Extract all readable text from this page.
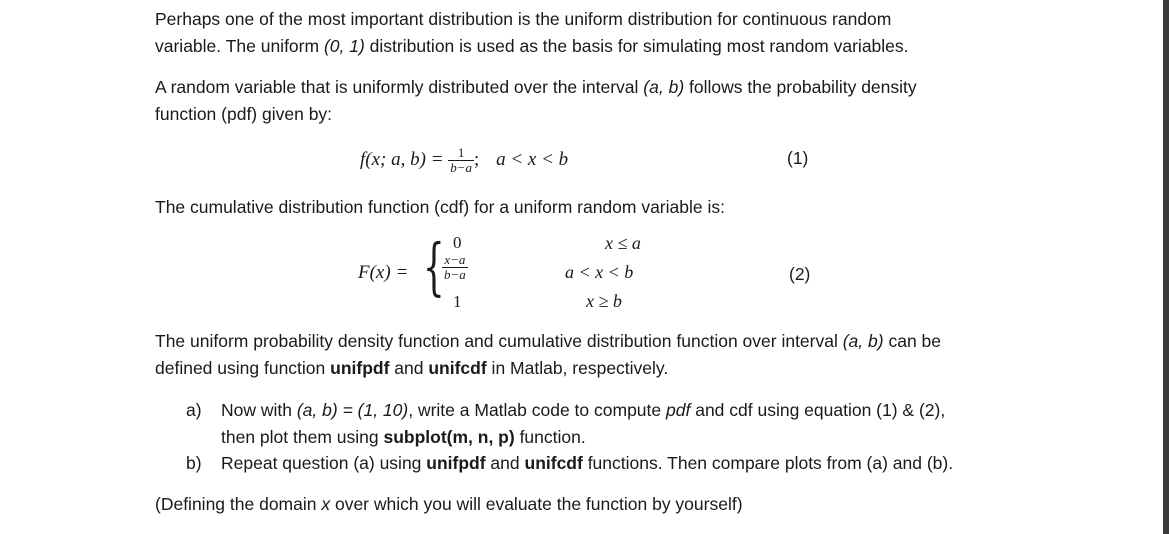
Perhaps one of the most important distribution is the uniform distribution for continuous random
variable. The uniform (0, 1) distribution is used as the basis for simulating most random variables.

A random variable that is uniformly distributed over the interval (a, b) follows the probability density
function (pdf) given by:

f(x; a, $b) = \frac{1}{b-a}$ ; a < x < b	(1)

The cumulative distribution function (cdf) for a uniform random variable is:

F(x) = { 0
$\frac{x-a}{b-a}$
1
x ≤ a
a < x < b
x ≥ b
(2)

The uniform probability density function and cumulative distribution function over interval (a, b) can be
defined using function unifpdf and unifcdf in Matlab, respectively.

a) Now with (a, b) = (1, 10), write a Matlab code to compute pdf and cdf using equation (1) & (2),
then plot them using subplot(m, n, p) function.
b) Repeat question (a) using unifpdf and unifcdf functions. Then compare plots from (a) and (b).

(Defining the domain x over which you will evaluate the function by yourself)
